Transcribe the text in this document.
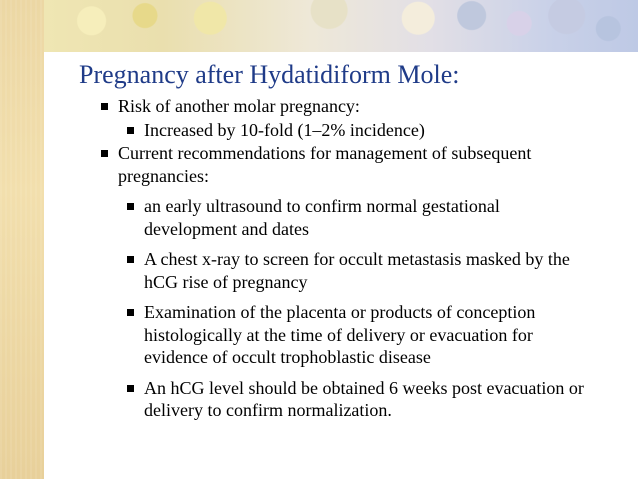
Pregnancy after Hydatidiform Mole:
Risk of another molar pregnancy:
Increased by 10-fold (1–2% incidence)
Current recommendations for management of subsequent pregnancies:
an early ultrasound to confirm normal gestational development and dates
A chest x-ray to screen for occult metastasis masked by the hCG rise of pregnancy
Examination of the placenta or products of conception histologically at the time of delivery or evacuation for evidence of occult trophoblastic disease
An hCG level should be obtained 6 weeks post evacuation or delivery to confirm normalization.
